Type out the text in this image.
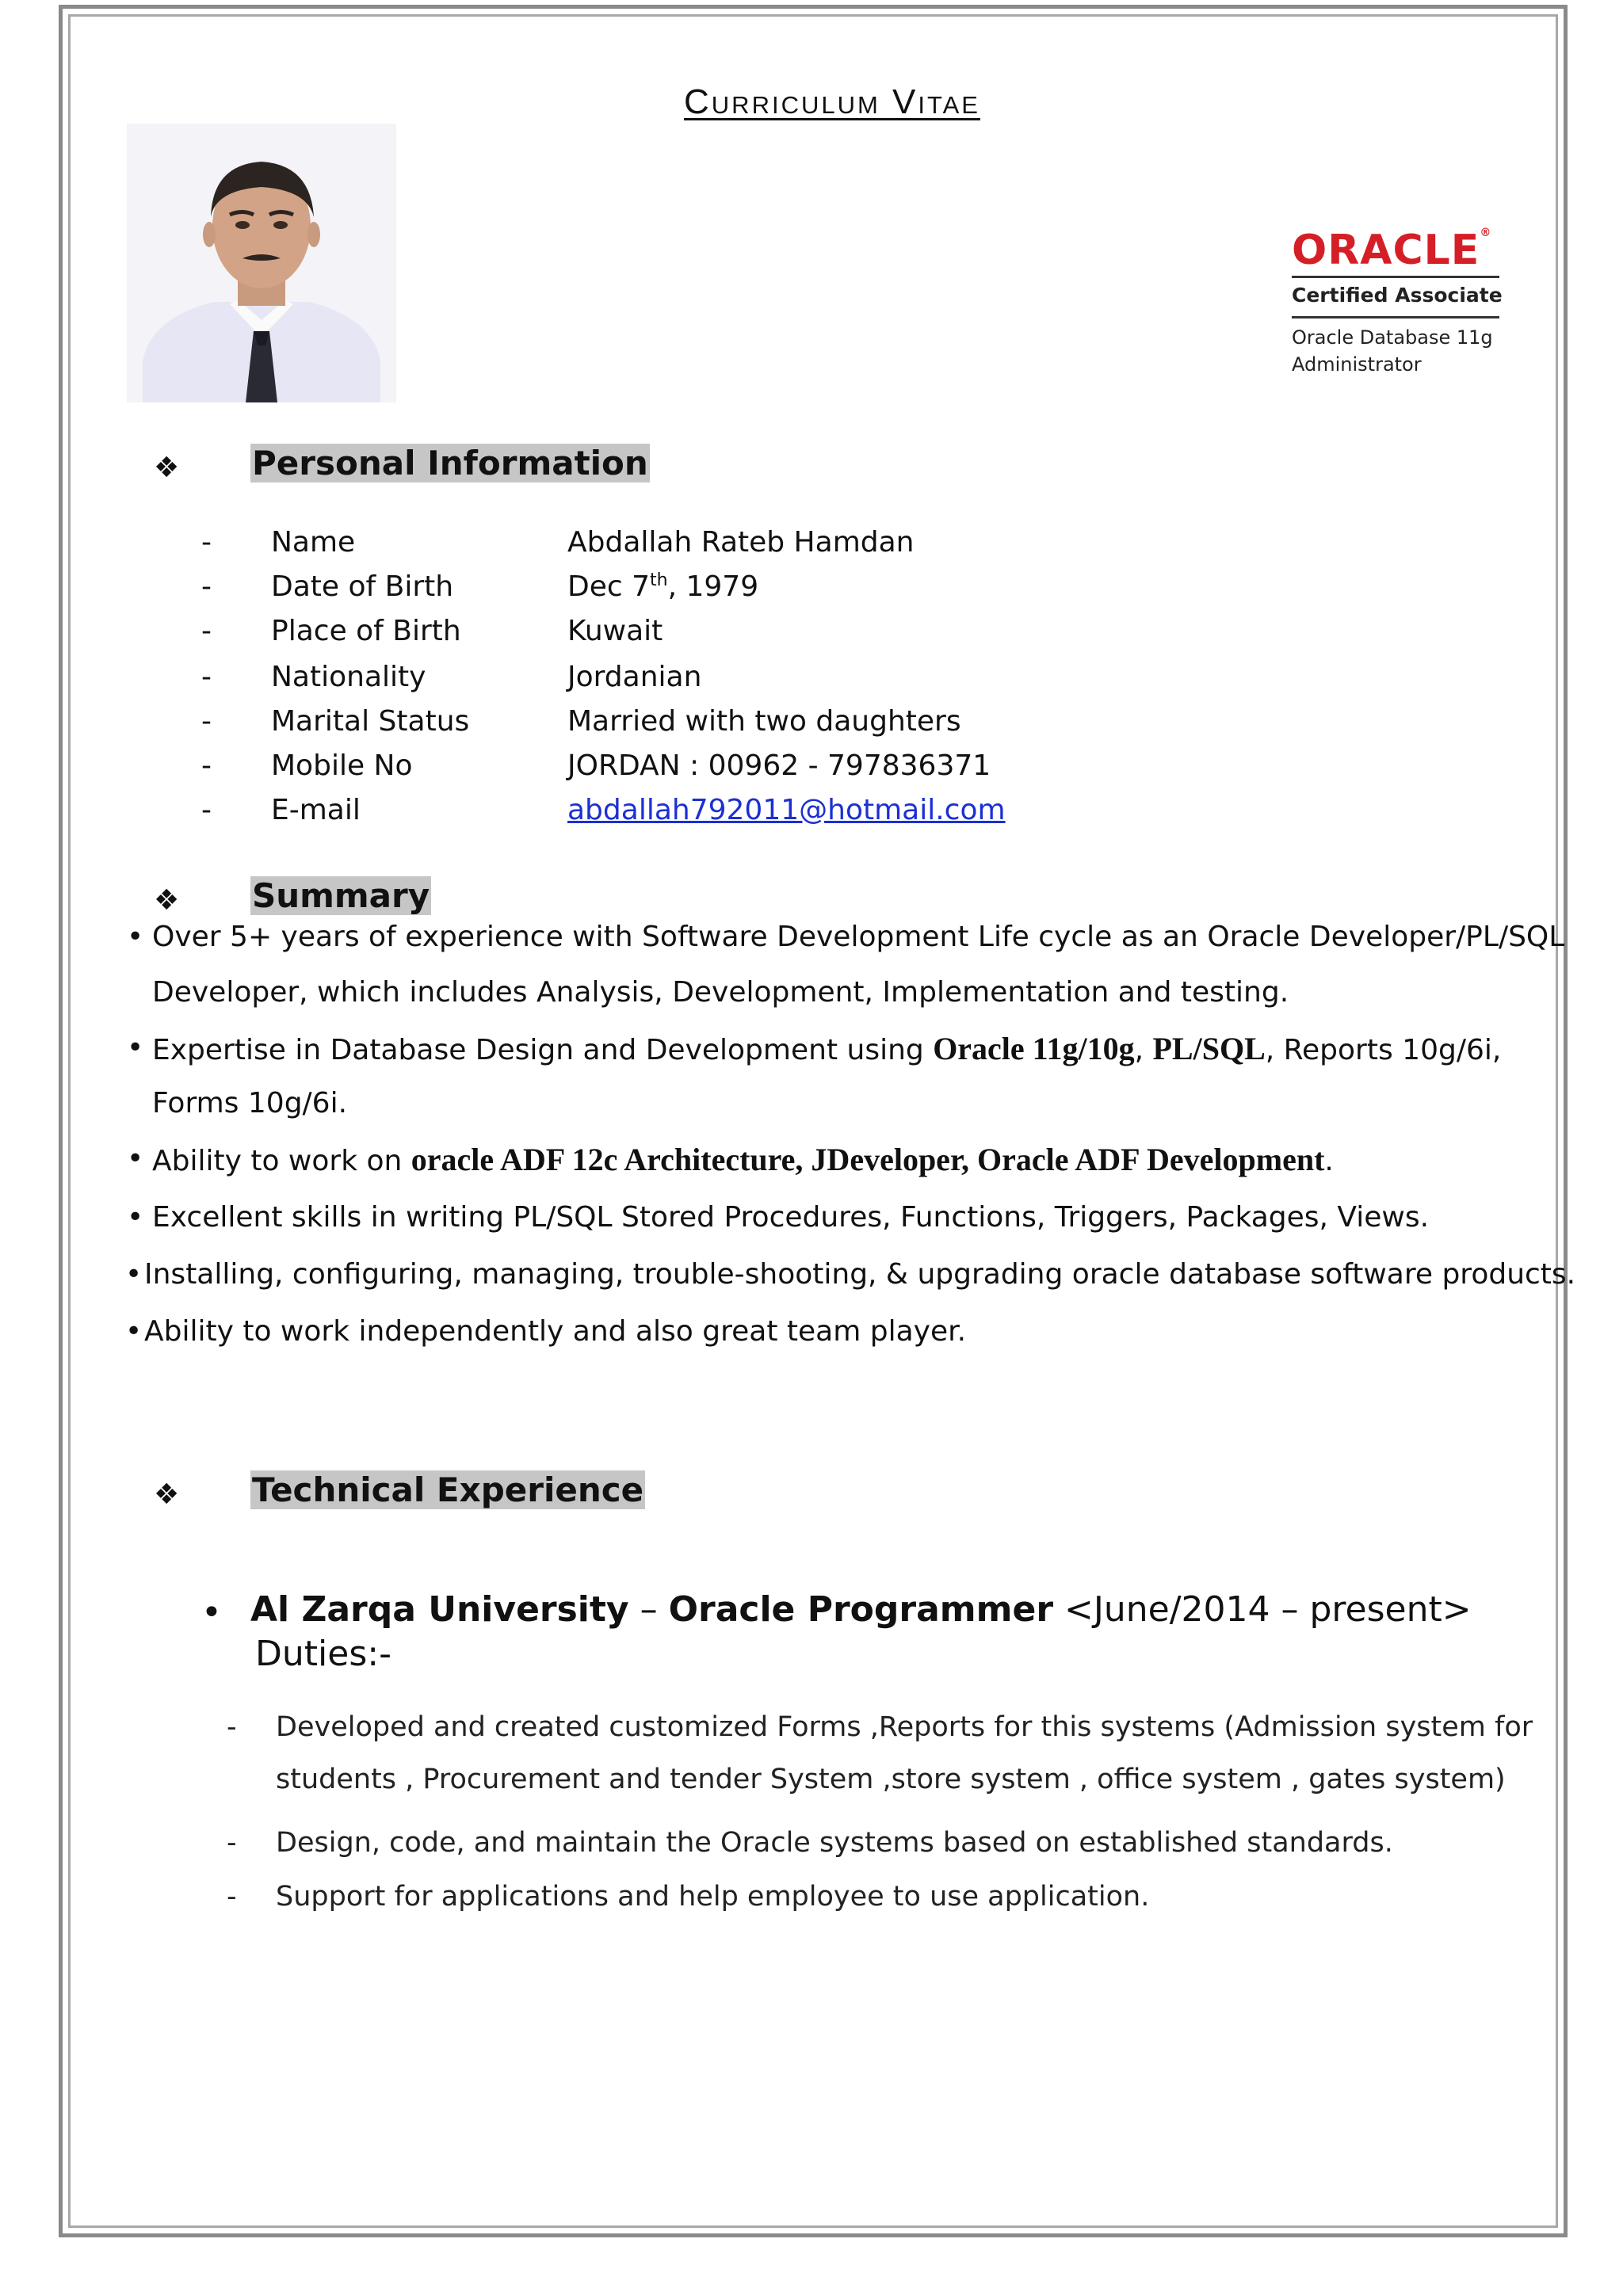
Curriculum Vitae
ORACLE®
Certified Associate
Oracle Database 11g
Administrator
❖ Personal Information
- Name	Abdallah Rateb Hamdan
- Date of Birth	Dec 7th, 1979
- Place of Birth	Kuwait
- Nationality	Jordanian
- Marital Status	Married with two daughters
- Mobile No	JORDAN : 00962 - 797836371
- E-mail	abdallah792011@hotmail.com
❖ Summary
• Over 5+ years of experience with Software Development Life cycle as an Oracle Developer/PL/SQL
Developer, which includes Analysis, Development, Implementation and testing.
• Expertise in Database Design and Development using Oracle 11g/10g, PL/SQL, Reports 10g/6i,
Forms 10g/6i.
• Ability to work on oracle ADF 12c Architecture, JDeveloper, Oracle ADF Development.
• Excellent skills in writing PL/SQL Stored Procedures, Functions, Triggers, Packages, Views.
• Installing, configuring, managing, trouble-shooting, & upgrading oracle database software products.
• Ability to work independently and also great team player.
❖ Technical Experience
• Al Zarqa University – Oracle Programmer <June/2014 – present>
Duties:-
- Developed and created customized Forms ,Reports for this systems (Admission system for
students , Procurement and tender System ,store system , office system , gates system)
- Design, code, and maintain the Oracle systems based on established standards.
- Support for applications and help employee to use application.
